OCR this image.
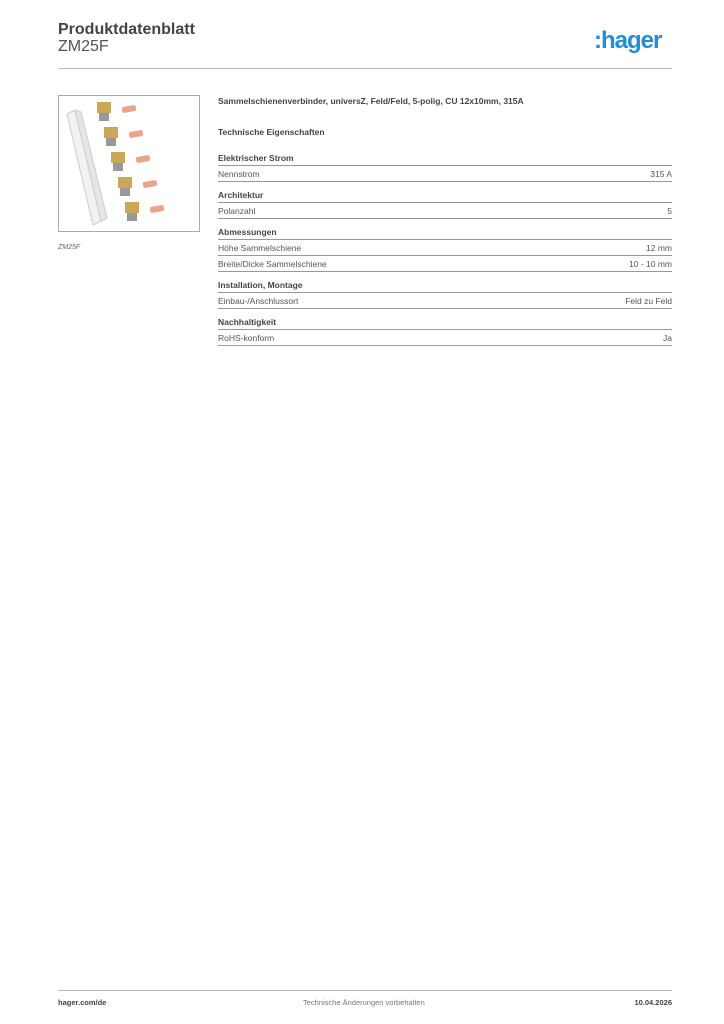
Produktdatenblatt
ZM25F	:hager
ZM25F
Sammelschienenverbinder, universZ, Feld/Feld, 5-polig, CU 12x10mm, 315A
Technische Eigenschaften
Elektrischer Strom
Nennstrom	315 A
Architektur
Polanzahl	5
Abmessungen
Höhe Sammelschiene	12 mm
Breite/Dicke Sammelschiene	10 - 10 mm
Installation, Montage
Einbau-/Anschlussort	Feld zu Feld
Nachhaltigkeit
RoHS-konform	Ja
hager.com/de	Technische Änderungen vorbehalten	10.04.2026
